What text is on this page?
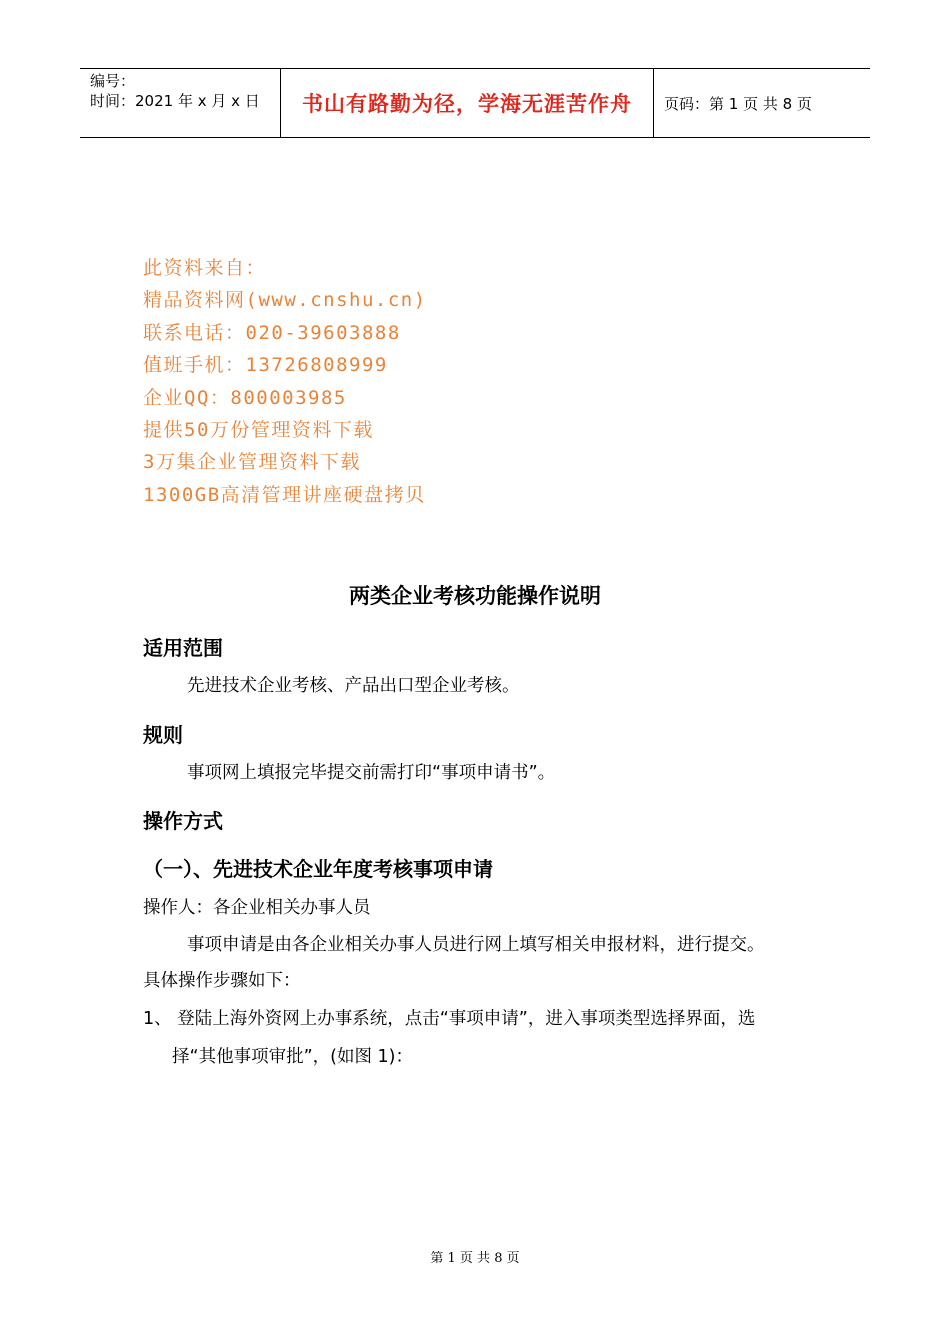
编号：
时间：2021 年 x 月 x 日	书山有路勤为径，学海无涯苦作舟 页码：第 1 页 共 8 页
此资料来自：
精品资料网(www.cnshu.cn)
联系电话：020-39603888
值班手机：13726808999
企业QQ：800003985
提供50万份管理资料下载
3万集企业管理资料下载
1300GB高清管理讲座硬盘拷贝
两类企业考核功能操作说明
适用范围
先进技术企业考核、产品出口型企业考核。
规则
事项网上填报完毕提交前需打印“事项申请书”。
操作方式
（一）、先进技术企业年度考核事项申请
操作人：各企业相关办事人员
事项申请是由各企业相关办事人员进行网上填写相关申报材料，进行提交。
具体操作步骤如下：
1、 登陆上海外资网上办事系统，点击“事项申请”，进入事项类型选择界面，选
择“其他事项审批”，(如图 1)：
第 1 页 共 8 页
